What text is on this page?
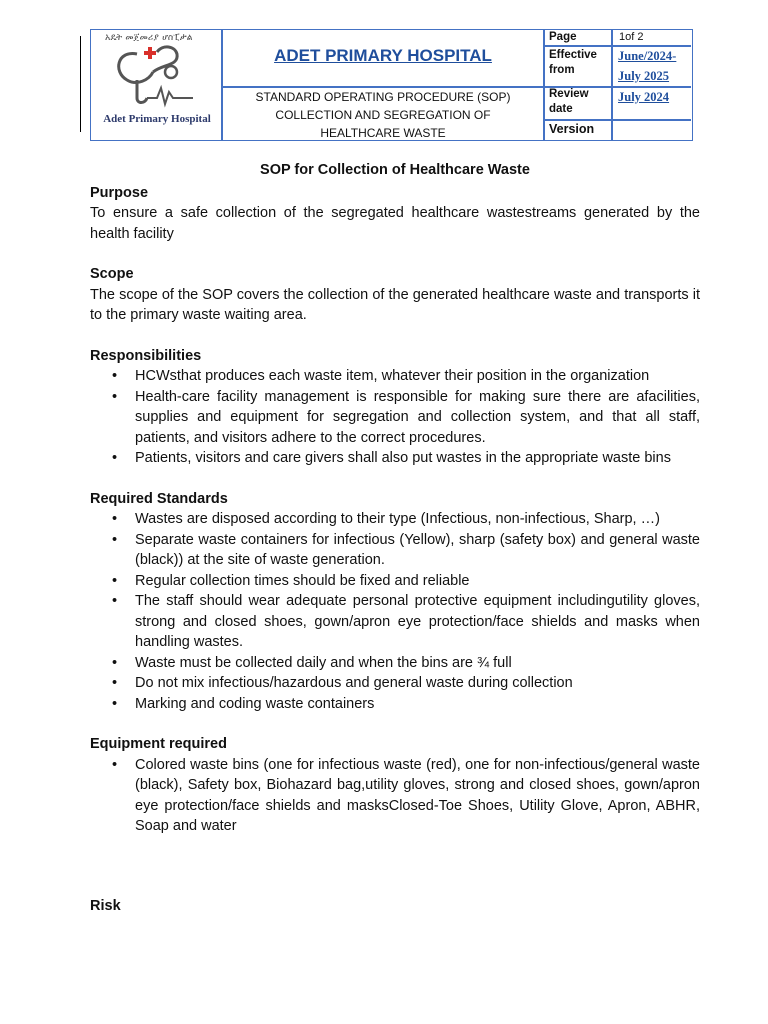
አዴት መጀመሪያ ሆስፒታል
Adet Primary Hospital
ADET PRIMARY HOSPITAL
STANDARD OPERATING PROCEDURE (SOP)
COLLECTION AND SEGREGATION OF
HEALTHCARE WASTE
Page
Effective
from
Review
date
Version
1of 2
June/2024-
July 2025
July 2024
SOP for Collection of Healthcare Waste
Purpose

To ensure a safe collection of the segregated healthcare wastestreams generated by the health facility

Scope

The scope of the SOP covers the collection of the generated healthcare waste and transports it to the primary waste waiting area.

Responsibilities
• HCWsthat produces each waste item, whatever their position in the organization
• Health-care facility management is responsible for making sure there are afacilities, supplies and equipment for segregation and collection system, and that all staff, patients, and visitors adhere to the correct procedures.
• Patients, visitors and care givers shall also put wastes in the appropriate waste bins
Required Standards
• Wastes are disposed according to their type (Infectious, non-infectious, Sharp, …)
• Separate waste containers for infectious (Yellow), sharp (safety box) and general waste (black)) at the site of waste generation.
• Regular collection times should be fixed and reliable
• The staff should wear adequate personal protective equipment includingutility gloves, strong and closed shoes, gown/apron eye protection/face shields and masks when handling wastes.
• Waste must be collected daily and when the bins are ¾ full
• Do not mix infectious/hazardous and general waste during collection
• Marking and coding waste containers
Equipment required
• Colored waste bins (one for infectious waste (red), one for non-infectious/general waste (black), Safety box, Biohazard bag,utility gloves, strong and closed shoes, gown/apron eye protection/face shields and masksClosed-Toe Shoes, Utility Glove, Apron, ABHR, Soap and water
Risk
